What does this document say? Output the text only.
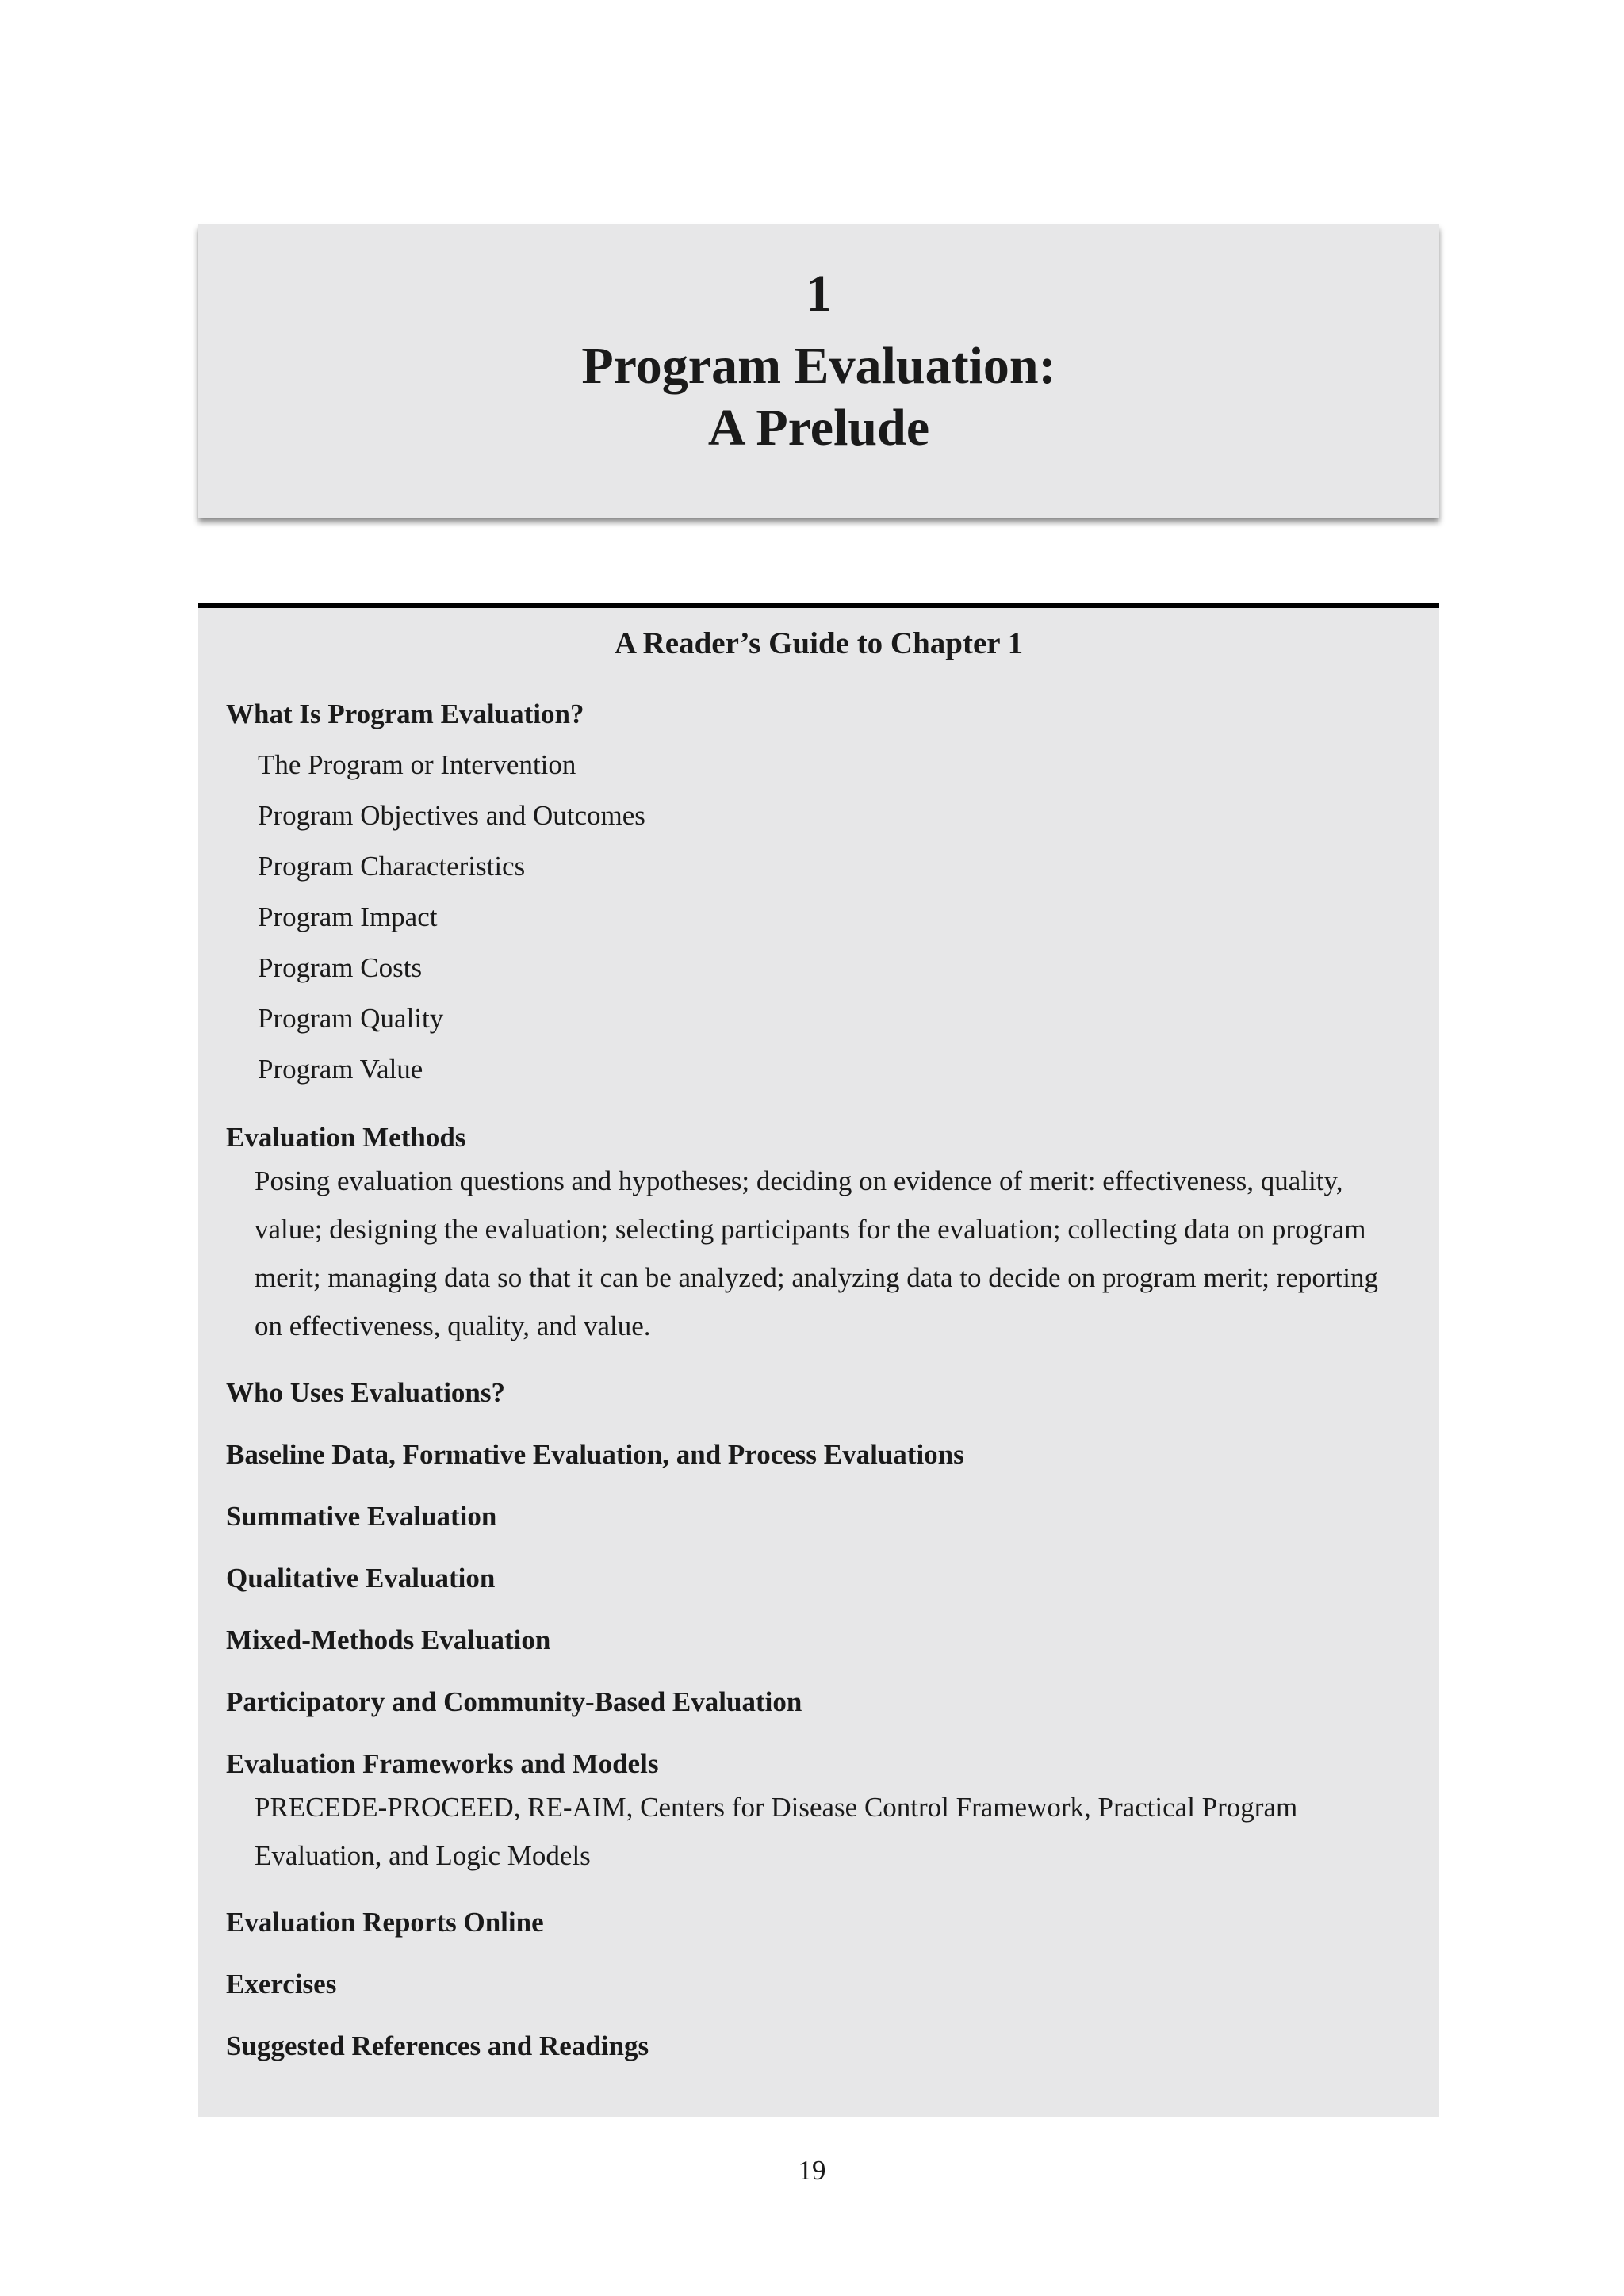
1
Program Evaluation:
A Prelude
A Reader’s Guide to Chapter 1

What Is Program Evaluation?

The Program or Intervention

Program Objectives and Outcomes

Program Characteristics

Program Impact

Program Costs

Program Quality

Program Value

Evaluation Methods

Posing evaluation questions and hypotheses; deciding on evidence of merit: effectiveness, quality, value; designing the evaluation; selecting participants for the evaluation; collecting data on program merit; managing data so that it can be analyzed; analyzing data to decide on program merit; reporting on effectiveness, quality, and value.

Who Uses Evaluations?

Baseline Data, Formative Evaluation, and Process Evaluations

Summative Evaluation

Qualitative Evaluation

Mixed-Methods Evaluation

Participatory and Community-Based Evaluation

Evaluation Frameworks and Models

PRECEDE-PROCEED, RE-AIM, Centers for Disease Control Framework, Practical Program Evaluation, and Logic Models

Evaluation Reports Online

Exercises

Suggested References and Readings

19
